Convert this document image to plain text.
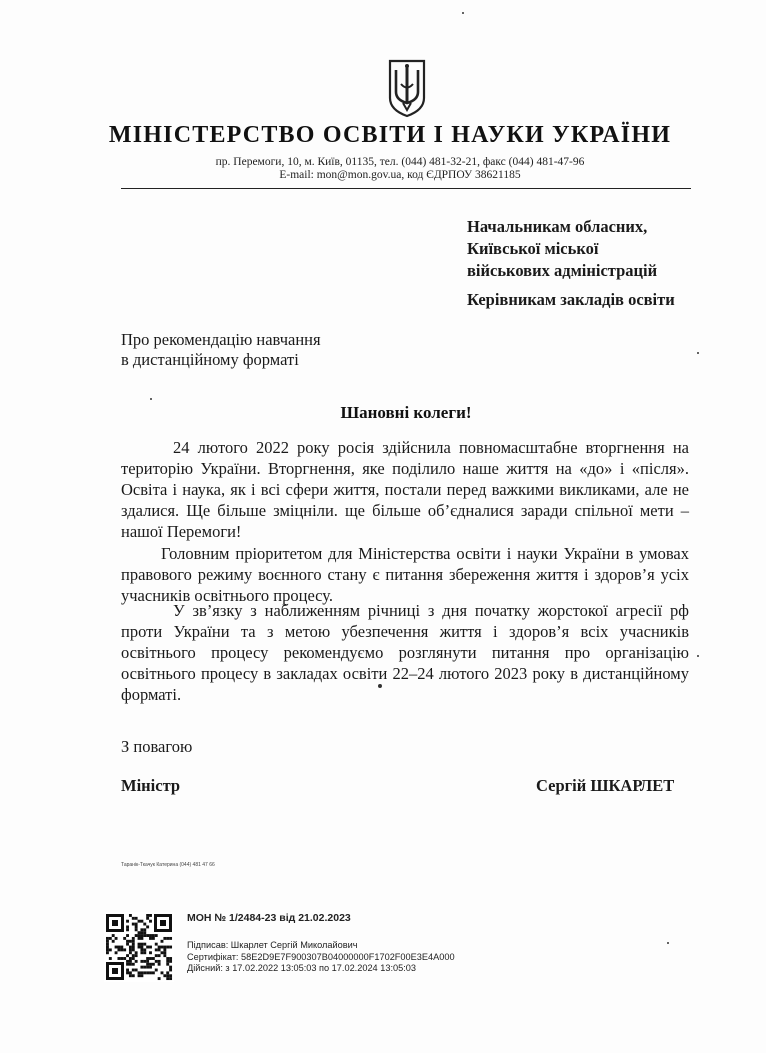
МІНІСТЕРСТВО ОСВІТИ І НАУКИ УКРАЇНИ
пр. Перемоги, 10, м. Київ, 01135, тел. (044) 481-32-21, факс (044) 481-47-96
E-mail: mon@mon.gov.ua, код ЄДРПОУ 38621185
Начальникам обласних,
Київської міської
військових адміністрацій
Керівникам закладів освіти
Про рекомендацію навчання
в дистанційному форматі
Шановні колеги!
24 лютого 2022 року росія здійснила повномасштабне вторгнення на територію України. Вторгнення, яке поділило наше життя на «до» і «після». Освіта і наука, як і всі сфери життя, постали перед важкими викликами, але не здалися. Ще більше зміцніли. ще більше об’єдналися заради спільної мети – нашої Перемоги!
Головним пріоритетом для Міністерства освіти і науки України в умовах правового режиму воєнного стану є питання збереження життя і здоров’я усіх учасників освітнього процесу.
У зв’язку з наближенням річниці з дня початку жорстокої агресії рф проти України та з метою убезпечення життя і здоров’я всіх учасників освітнього процесу рекомендуємо розглянути питання про організацію освітнього процесу в закладах освіти 22–24 лютого 2023 року в дистанційному форматі.
З повагою
Міністр	Сергій ШКАРЛЕТ
Таранік-Ткачук Катерина (044) 481 47 66
МОН № 1/2484-23 від 21.02.2023
Підписав: Шкарлет Сергій Миколайович
Сертифікат: 58E2D9E7F900307B04000000F1702F00E3E4A000
Дійсний: з 17.02.2022 13:05:03 по 17.02.2024 13:05:03
